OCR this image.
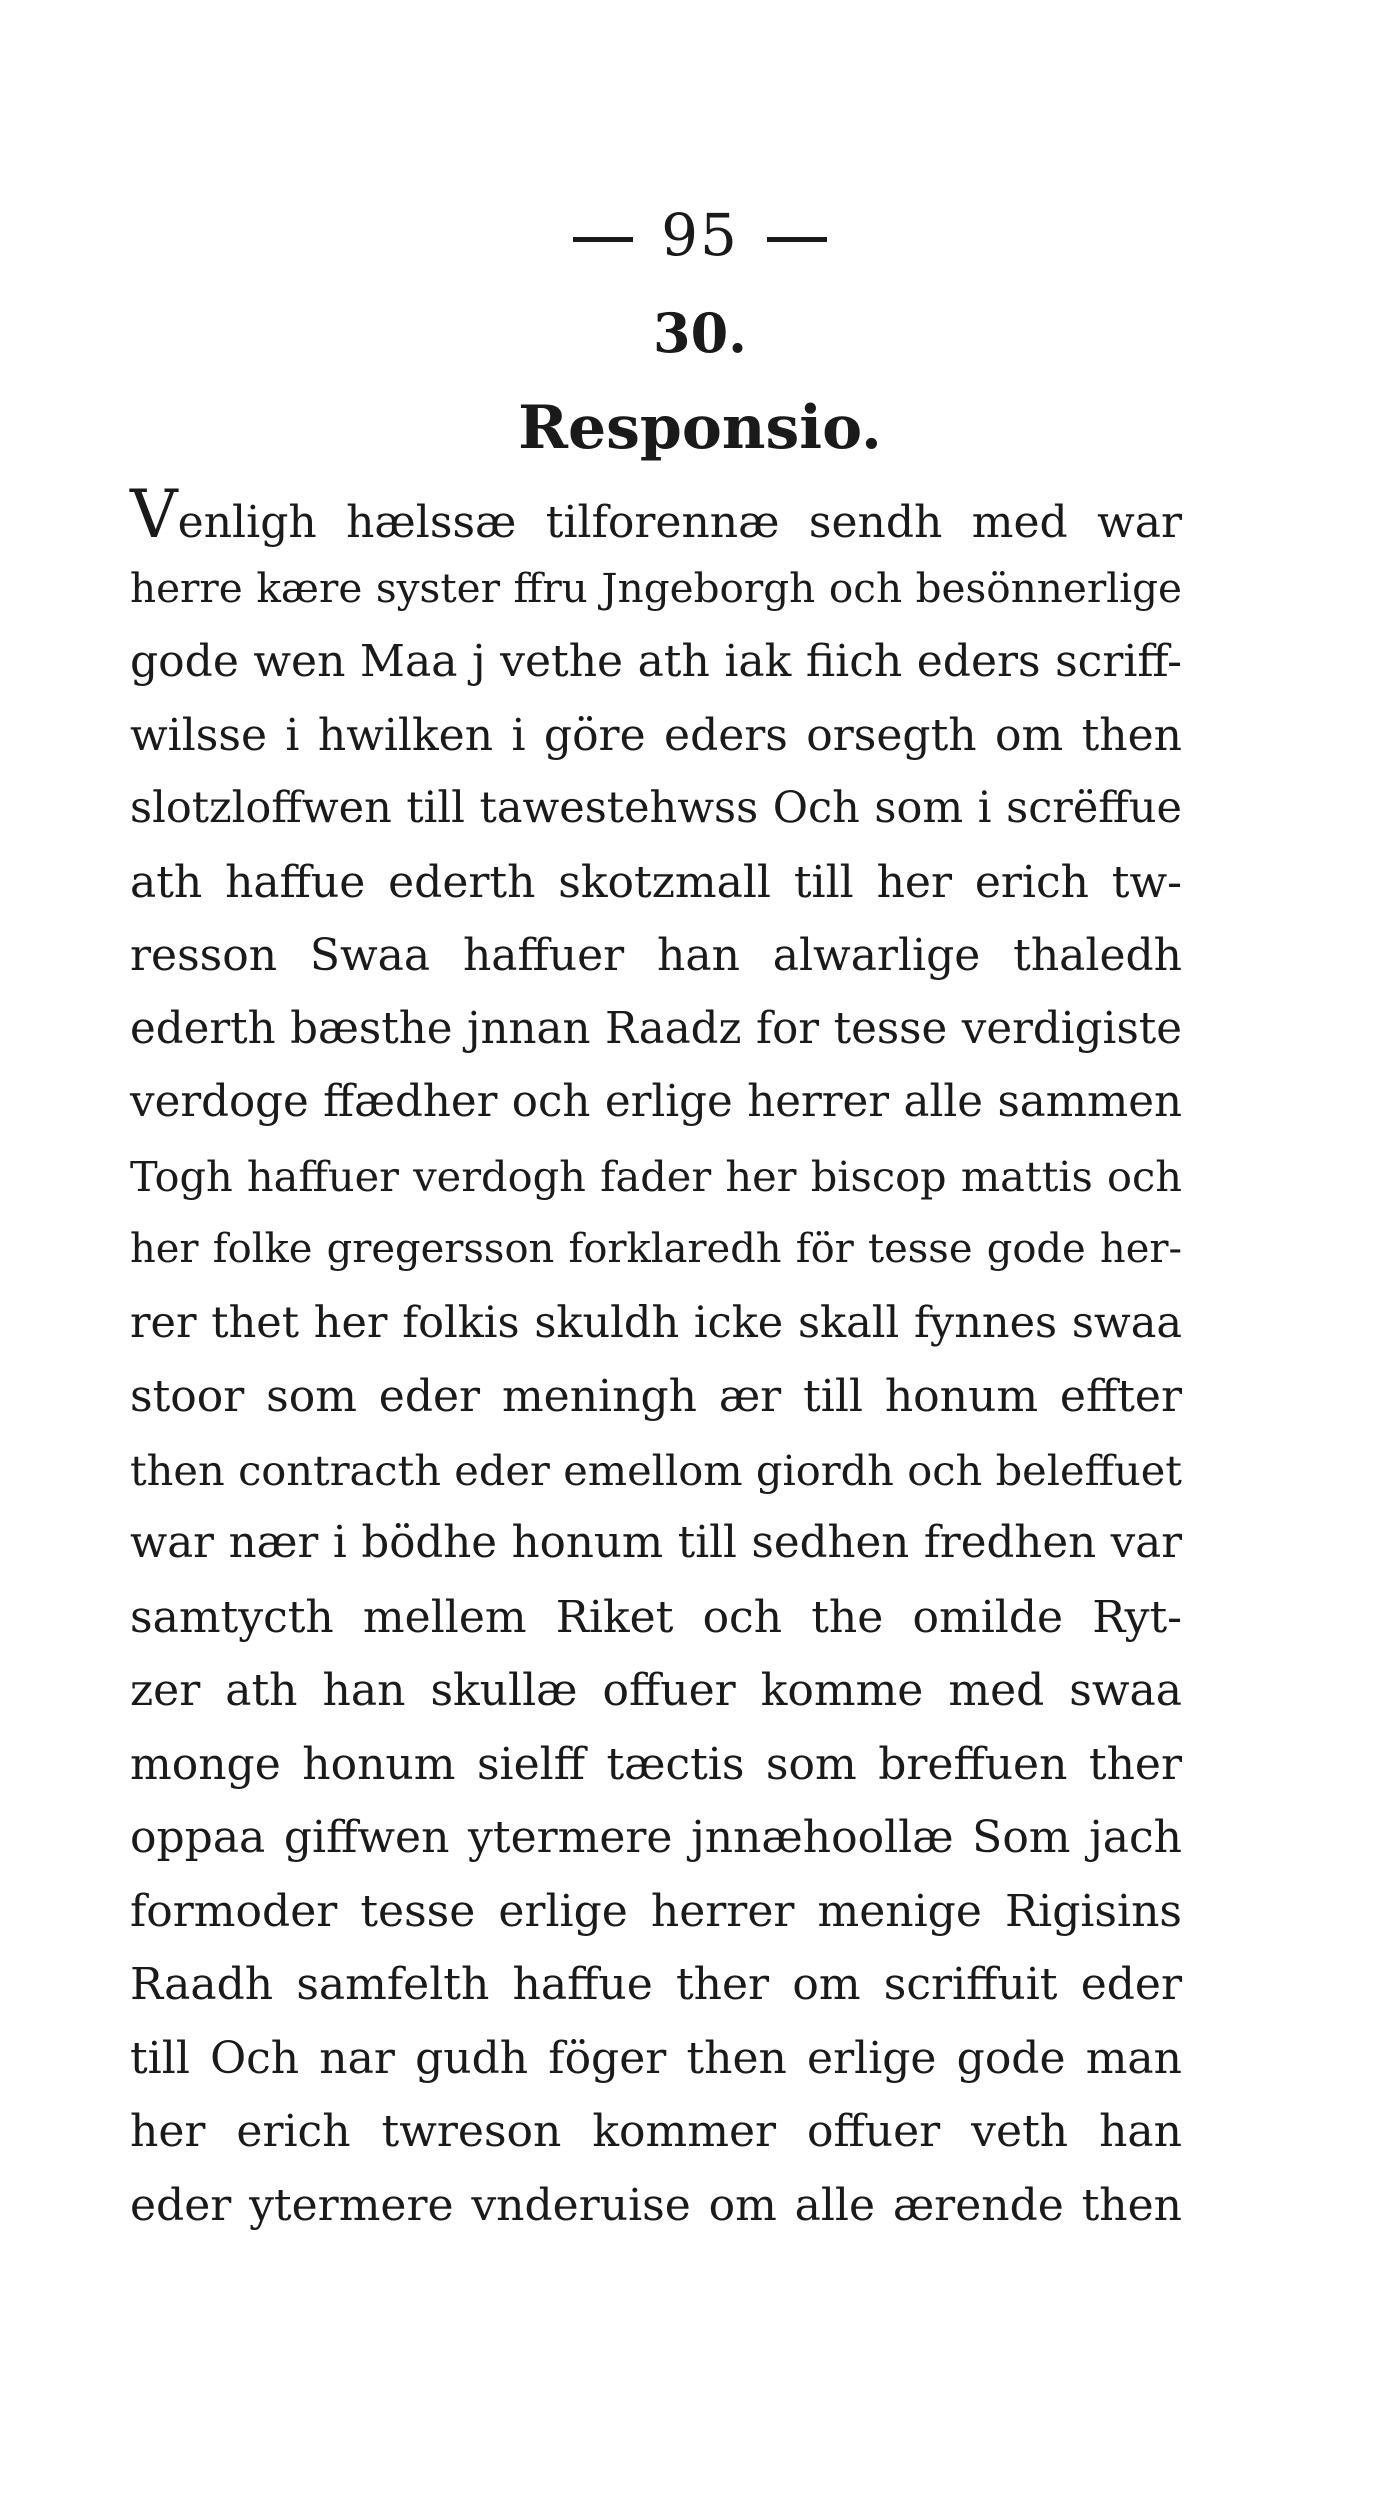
95
30.
Responsio.
Venligh hælssæ tilforennæ sendh med war
herre kære syster ffru Jngeborgh och besönnerlige
gode wen Maa j vethe ath iak fiich eders scriff-
wilsse i hwilken i göre eders orsegth om then
slotzloffwen till tawestehwss Och som i scrëffue
ath haffue ederth skotzmall till her erich tw-
resson Swaa haffuer han alwarlige thaledh
ederth bæsthe jnnan Raadz for tesse verdigiste
verdoge ffædher och erlige herrer alle sammen
Togh haffuer verdogh fader her biscop mattis och
her folke gregersson forklaredh för tesse gode her-
rer thet her folkis skuldh icke skall fynnes swaa
stoor som eder meningh ær till honum effter
then contracth eder emellom giordh och beleffuet
war nær i bödhe honum till sedhen fredhen var
samtycth mellem Riket och the omilde Ryt-
zer ath han skullæ offuer komme med swaa
monge honum sielff tæctis som breffuen ther
oppaa giffwen ytermere jnnæhoollæ Som jach
formoder tesse erlige herrer menige Rigisins
Raadh samfelth haffue ther om scriffuit eder
till Och nar gudh föger then erlige gode man
her erich twreson kommer offuer veth han
eder ytermere vnderuise om alle ærende then
